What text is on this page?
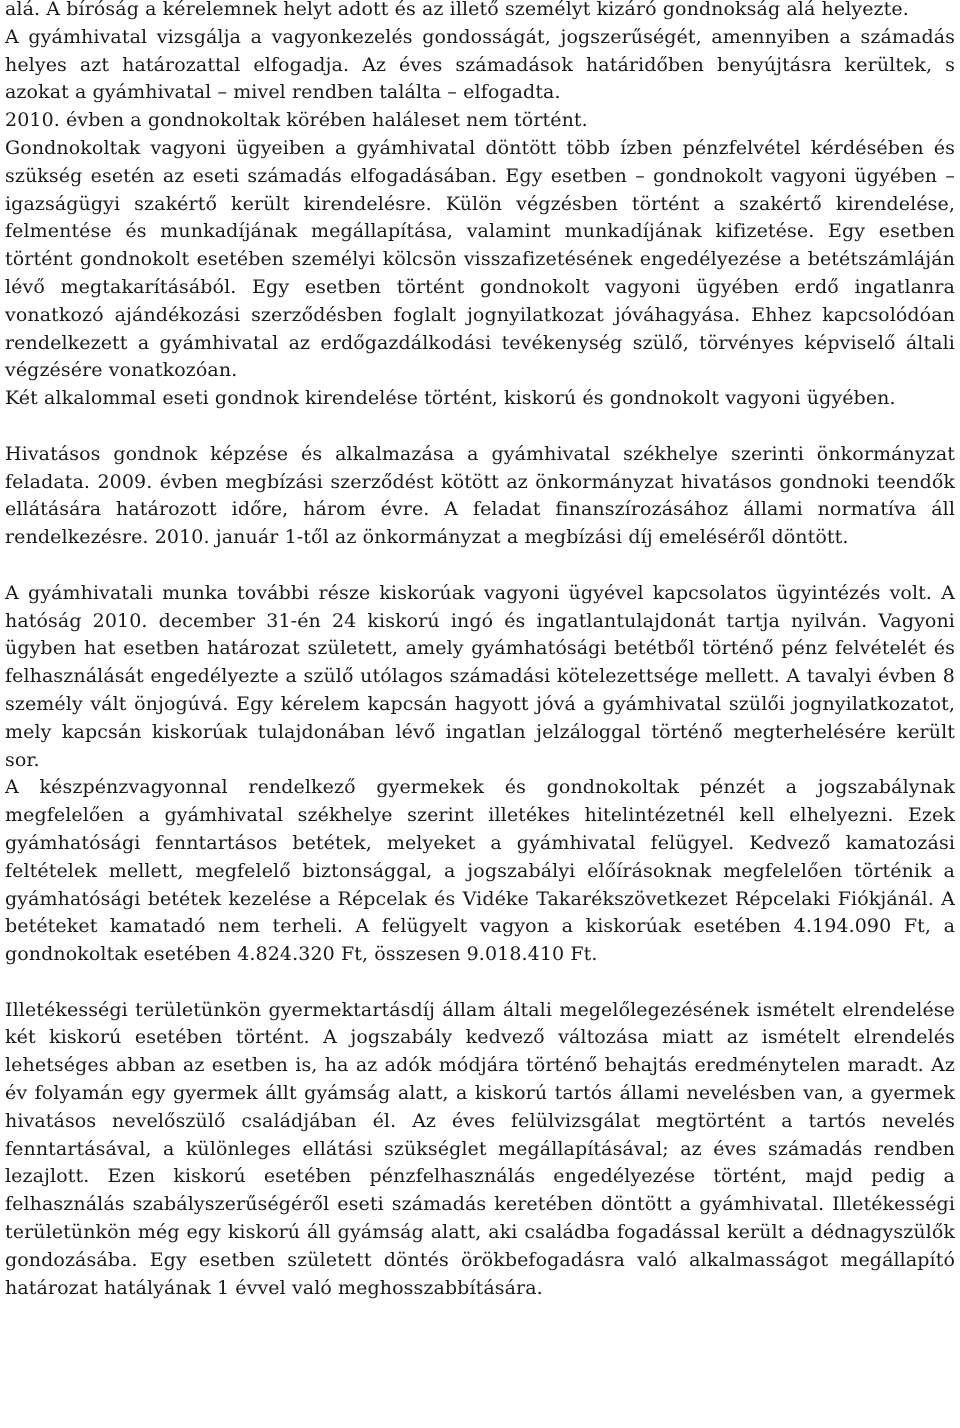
alá. A bíróság a kérelemnek helyt adott és az illető személyt kizáró gondnokság alá helyezte.

A gyámhivatal vizsgálja a vagyonkezelés gondosságát, jogszerűségét, amennyiben a számadás helyes azt határozattal elfogadja. Az éves számadások határidőben benyújtásra kerültek, s azokat a gyámhivatal – mivel rendben találta – elfogadta.

2010. évben a gondnokoltak körében haláleset nem történt.

Gondnokoltak vagyoni ügyeiben a gyámhivatal döntött több ízben pénzfelvétel kérdésében és szükség esetén az eseti számadás elfogadásában. Egy esetben – gondnokolt vagyoni ügyében – igazságügyi szakértő került kirendelésre. Külön végzésben történt a szakértő kirendelése, felmentése és munkadíjának megállapítása, valamint munkadíjának kifizetése. Egy esetben történt gondnokolt esetében személyi kölcsön visszafizetésének engedélyezése a betétszámláján lévő megtakarításából. Egy esetben történt gondnokolt vagyoni ügyében erdő ingatlanra vonatkozó ajándékozási szerződésben foglalt jognyilatkozat jóváhagyása. Ehhez kapcsolódóan rendelkezett a gyámhivatal az erdőgazdálkodási tevékenység szülő, törvényes képviselő általi végzésére vonatkozóan.

Két alkalommal eseti gondnok kirendelése történt, kiskorú és gondnokolt vagyoni ügyében.

Hivatásos gondnok képzése és alkalmazása a gyámhivatal székhelye szerinti önkormányzat feladata. 2009. évben megbízási szerződést kötött az önkormányzat hivatásos gondnoki teendők ellátására határozott időre, három évre. A feladat finanszírozásához állami normatíva áll rendelkezésre. 2010. január 1-től az önkormányzat a megbízási díj emeléséről döntött.

A gyámhivatali munka további része kiskorúak vagyoni ügyével kapcsolatos ügyintézés volt. A hatóság 2010. december 31-én 24 kiskorú ingó és ingatlantulajdonát tartja nyilván. Vagyoni ügyben hat esetben határozat született, amely gyámhatósági betétből történő pénz felvételét és felhasználását engedélyezte a szülő utólagos számadási kötelezettsége mellett. A tavalyi évben 8 személy vált önjogúvá. Egy kérelem kapcsán hagyott jóvá a gyámhivatal szülői jognyilatkozatot, mely kapcsán kiskorúak tulajdonában lévő ingatlan jelzáloggal történő megterhelésére került sor.

A készpénzvagyonnal rendelkező gyermekek és gondnokoltak pénzét a jogszabálynak megfelelően a gyámhivatal székhelye szerint illetékes hitelintézetnél kell elhelyezni. Ezek gyámhatósági fenntartásos betétek, melyeket a gyámhivatal felügyel. Kedvező kamatozási feltételek mellett, megfelelő biztonsággal, a jogszabályi előírásoknak megfelelően történik a gyámhatósági betétek kezelése a Répcelak és Vidéke Takarékszövetkezet Répcelaki Fiókjánál. A betéteket kamatadó nem terheli. A felügyelt vagyon a kiskorúak esetében 4.194.090 Ft, a gondnokoltak esetében 4.824.320 Ft, összesen 9.018.410 Ft.

Illetékességi területünkön gyermektartásdíj állam általi megelőlegezésének ismételt elrendelése két kiskorú esetében történt. A jogszabály kedvező változása miatt az ismételt elrendelés lehetséges abban az esetben is, ha az adók módjára történő behajtás eredménytelen maradt. Az év folyamán egy gyermek állt gyámság alatt, a kiskorú tartós állami nevelésben van, a gyermek hivatásos nevelőszülő családjában él. Az éves felülvizsgálat megtörtént a tartós nevelés fenntartásával, a különleges ellátási szükséglet megállapításával; az éves számadás rendben lezajlott. Ezen kiskorú esetében pénzfelhasználás engedélyezése történt, majd pedig a felhasználás szabályszerűségéről eseti számadás keretében döntött a gyámhivatal. Illetékességi területünkön még egy kiskorú áll gyámság alatt, aki családba fogadással került a dédnagyszülők gondozásába. Egy esetben született döntés örökbefogadásra való alkalmasságot megállapító határozat hatályának 1 évvel való meghosszabbítására.
